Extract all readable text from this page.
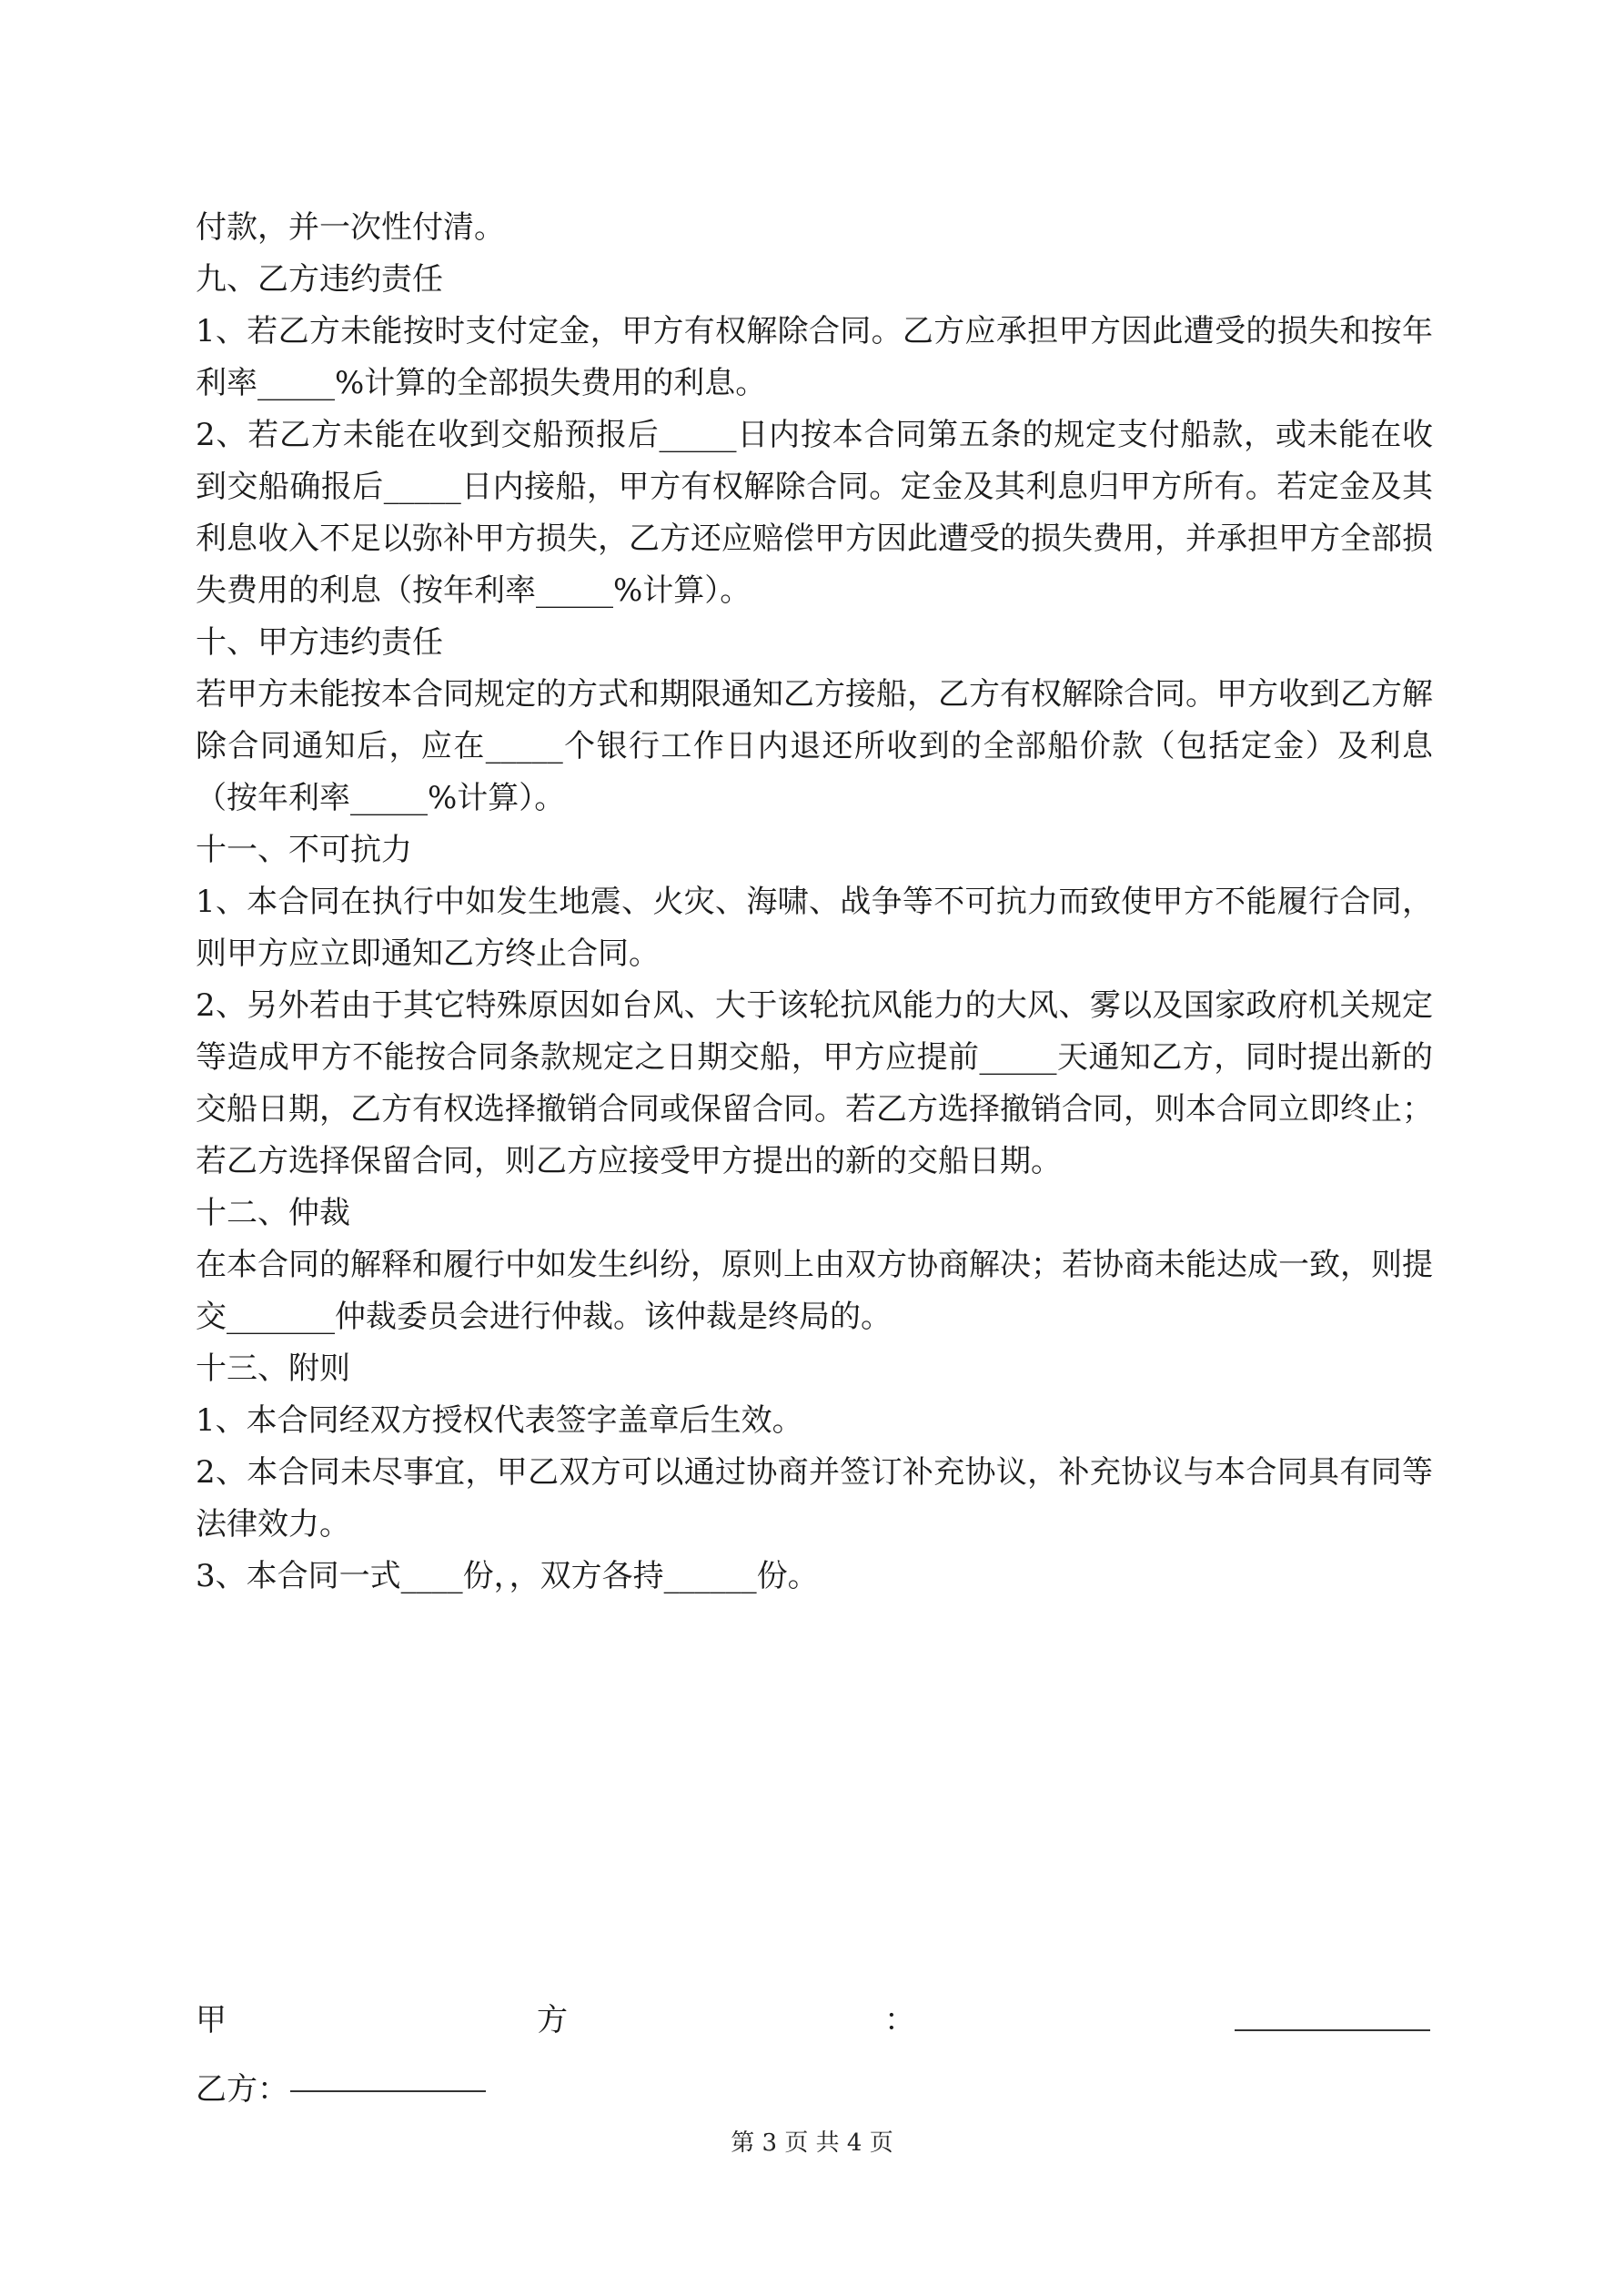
付款，并一次性付清。

九、乙方违约责任

1、若乙方未能按时支付定金，甲方有权解除合同。乙方应承担甲方因此遭受的损失和按年利率_____%计算的全部损失费用的利息。

2、若乙方未能在收到交船预报后_____日内按本合同第五条的规定支付船款，或未能在收到交船确报后_____日内接船，甲方有权解除合同。定金及其利息归甲方所有。若定金及其利息收入不足以弥补甲方损失，乙方还应赔偿甲方因此遭受的损失费用，并承担甲方全部损失费用的利息（按年利率_____%计算）。

十、甲方违约责任

若甲方未能按本合同规定的方式和期限通知乙方接船，乙方有权解除合同。甲方收到乙方解除合同通知后，应在_____个银行工作日内退还所收到的全部船价款（包括定金）及利息（按年利率_____%计算）。

十一、不可抗力

1、本合同在执行中如发生地震、火灾、海啸、战争等不可抗力而致使甲方不能履行合同，则甲方应立即通知乙方终止合同。

2、另外若由于其它特殊原因如台风、大于该轮抗风能力的大风、雾以及国家政府机关规定等造成甲方不能按合同条款规定之日期交船，甲方应提前_____天通知乙方，同时提出新的交船日期，乙方有权选择撤销合同或保留合同。若乙方选择撤销合同，则本合同立即终止；若乙方选择保留合同，则乙方应接受甲方提出的新的交船日期。

十二、仲裁

在本合同的解释和履行中如发生纠纷，原则上由双方协商解决；若协商未能达成一致，则提交_______仲裁委员会进行仲裁。该仲裁是终局的。

十三、附则

1、本合同经双方授权代表签字盖章后生效。

2、本合同未尽事宜，甲乙双方可以通过协商并签订补充协议，补充协议与本合同具有同等法律效力。

3、本合同一式____份，，双方各持______份。

甲	方	：
乙方：
第 3 页 共 4 页
